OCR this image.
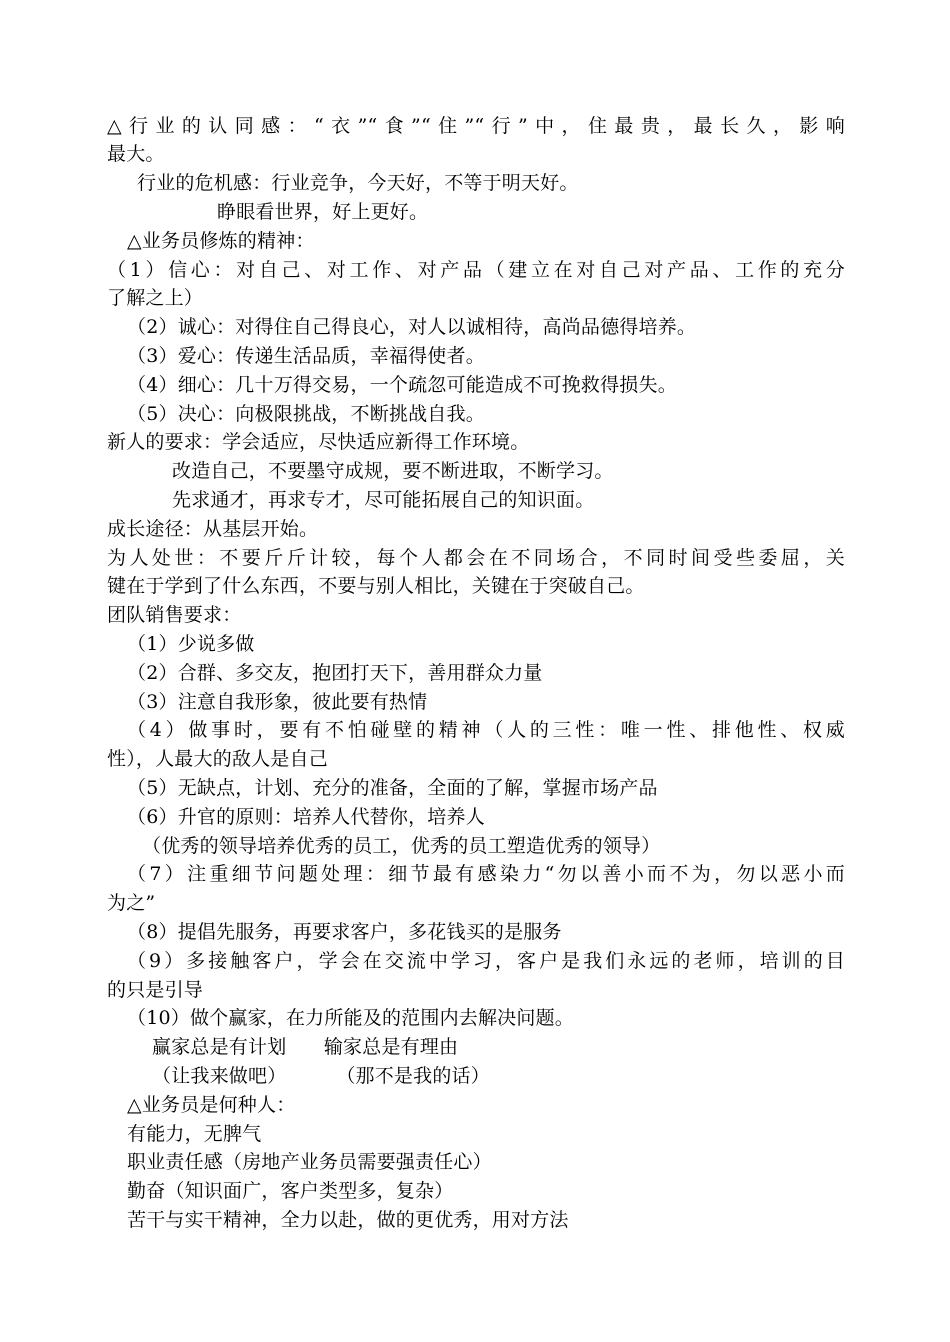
△行业的认同感：“衣”“食”“住”“行”中，住最贵，最长久，影响
最大。
行业的危机感：行业竞争，今天好，不等于明天好。
睁眼看世界，好上更好。
△业务员修炼的精神：
（1）信心：对自己、对工作、对产品（建立在对自己对产品、工作的充分
了解之上）
（2）诚心：对得住自己得良心，对人以诚相待，高尚品德得培养。
（3）爱心：传递生活品质，幸福得使者。
（4）细心：几十万得交易，一个疏忽可能造成不可挽救得损失。
（5）决心：向极限挑战，不断挑战自我。
新人的要求：学会适应，尽快适应新得工作环境。
改造自己，不要墨守成规，要不断进取，不断学习。
先求通才，再求专才，尽可能拓展自己的知识面。
成长途径：从基层开始。
为人处世：不要斤斤计较，每个人都会在不同场合，不同时间受些委屈，关
键在于学到了什么东西，不要与别人相比，关键在于突破自己。
团队销售要求：
（1）少说多做
（2）合群、多交友，抱团打天下，善用群众力量
（3）注意自我形象，彼此要有热情
（4）做事时，要有不怕碰壁的精神（人的三性：唯一性、排他性、权威
性），人最大的敌人是自己
（5）无缺点，计划、充分的准备，全面的了解，掌握市场产品
（6）升官的原则：培养人代替你，培养人
（优秀的领导培养优秀的员工，优秀的员工塑造优秀的领导）
（7）注重细节问题处理：细节最有感染力“勿以善小而不为，勿以恶小而
为之”
（8）提倡先服务，再要求客户，多花钱买的是服务
（9）多接触客户，学会在交流中学习，客户是我们永远的老师，培训的目
的只是引导
（10）做个赢家，在力所能及的范围内去解决问题。
赢家总是有计划      输家总是有理由
（让我来做吧）        （那不是我的话）
△业务员是何种人：
有能力，无脾气
职业责任感（房地产业务员需要强责任心）
勤奋（知识面广，客户类型多，复杂）
苦干与实干精神，全力以赴，做的更优秀，用对方法
